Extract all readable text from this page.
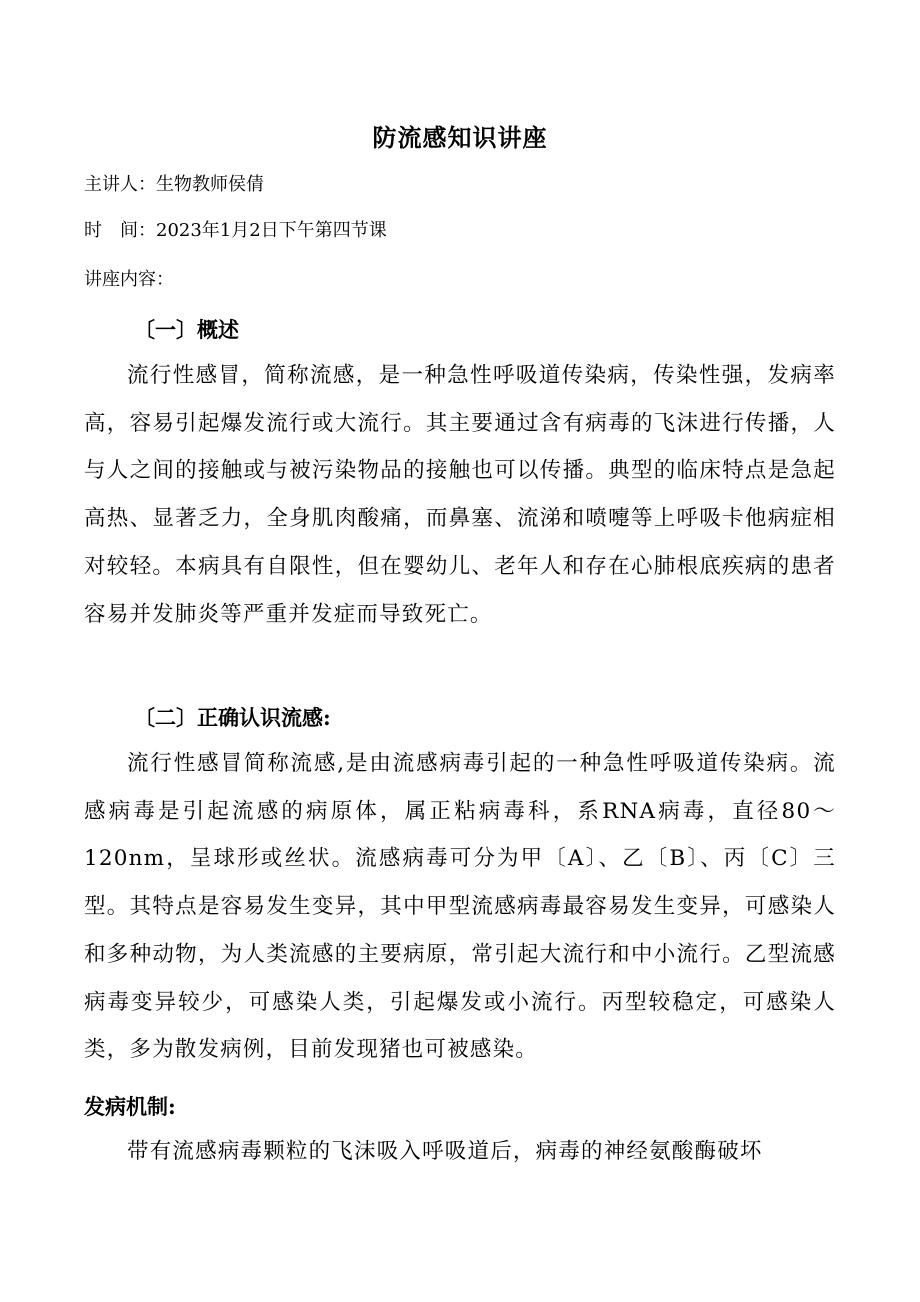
防流感知识讲座
主讲人：生物教师侯倩
时　间：2023年1月2日下午第四节课
讲座内容：
〔一〕概述
流行性感冒，简称流感，是一种急性呼吸道传染病，传染性强，发病率高，容易引起爆发流行或大流行。其主要通过含有病毒的飞沫进行传播，人与人之间的接触或与被污染物品的接触也可以传播。典型的临床特点是急起高热、显著乏力，全身肌肉酸痛，而鼻塞、流涕和喷嚏等上呼吸卡他病症相对较轻。本病具有自限性，但在婴幼儿、老年人和存在心肺根底疾病的患者容易并发肺炎等严重并发症而导致死亡。
〔二〕正确认识流感:
流行性感冒简称流感,是由流感病毒引起的一种急性呼吸道传染病。流感病毒是引起流感的病原体，属正粘病毒科，系RNA病毒，直径80～120nm，呈球形或丝状。流感病毒可分为甲〔A〕、乙〔B〕、丙〔C〕三型。其特点是容易发生变异，其中甲型流感病毒最容易发生变异，可感染人和多种动物，为人类流感的主要病原，常引起大流行和中小流行。乙型流感病毒变异较少，可感染人类，引起爆发或小流行。丙型较稳定，可感染人类，多为散发病例，目前发现猪也可被感染。
发病机制:
带有流感病毒颗粒的飞沫吸入呼吸道后，病毒的神经氨酸酶破坏
